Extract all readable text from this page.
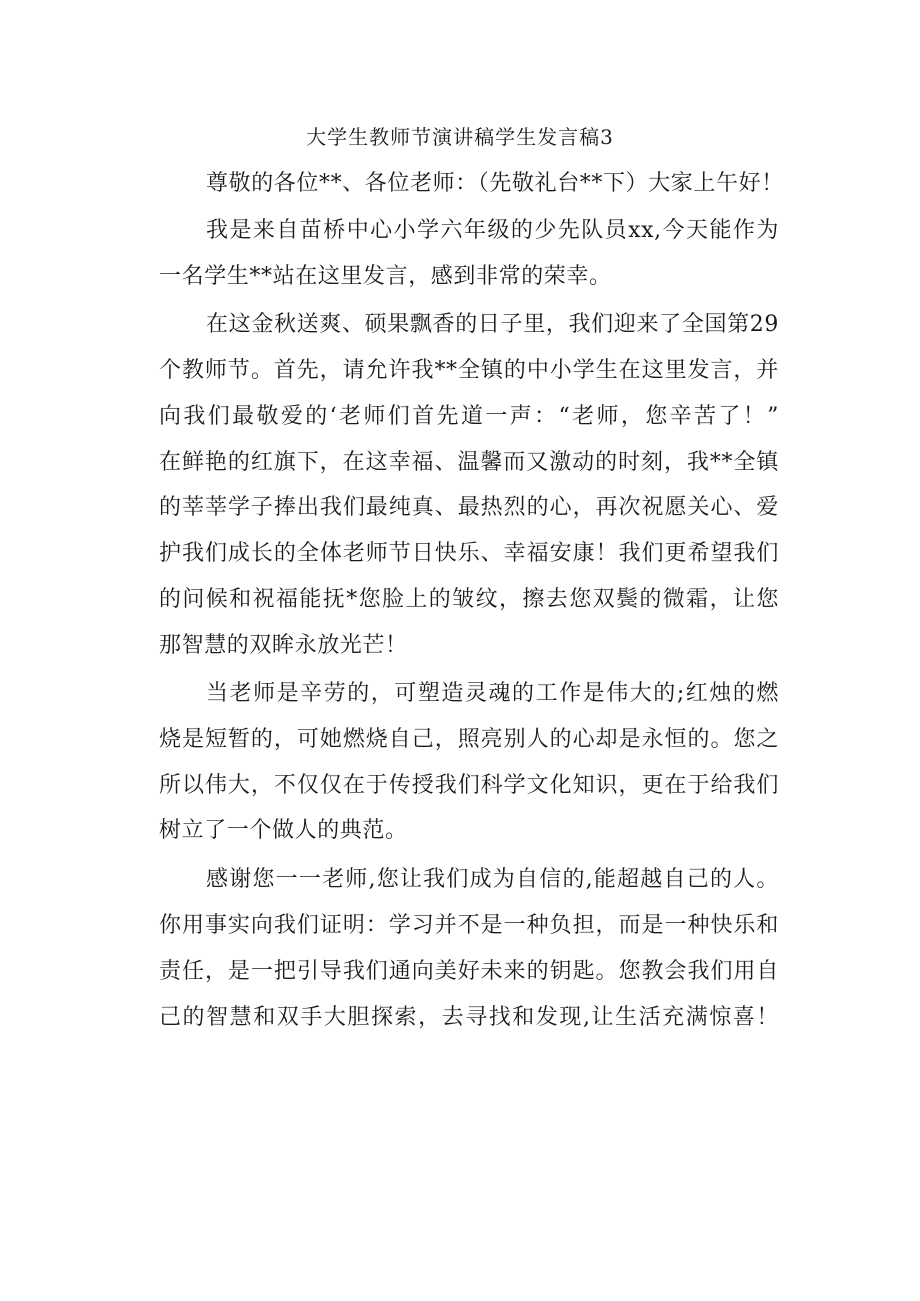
大学生教师节演讲稿学生发言稿3
尊敬的各位**、各位老师：（先敬礼台**下）大家上午好！
我是来自苗桥中心小学六年级的少先队员xx,今天能作为
一名学生**站在这里发言，感到非常的荣幸。
在这金秋送爽、硕果飘香的日子里，我们迎来了全国第29
个教师节。首先，请允许我**全镇的中小学生在这里发言，并
向我们最敬爱的‘老师们首先道一声：“老师，您辛苦了！”
在鲜艳的红旗下，在这幸福、温馨而又激动的时刻，我**全镇
的莘莘学子捧出我们最纯真、最热烈的心，再次祝愿关心、爱
护我们成长的全体老师节日快乐、幸福安康！我们更希望我们
的问候和祝福能抚*您脸上的皱纹，擦去您双鬓的微霜，让您
那智慧的双眸永放光芒！
当老师是辛劳的，可塑造灵魂的工作是伟大的;红烛的燃
烧是短暂的，可她燃烧自己，照亮别人的心却是永恒的。您之
所以伟大，不仅仅在于传授我们科学文化知识，更在于给我们
树立了一个做人的典范。
感谢您一一老师,您让我们成为自信的,能超越自己的人。
你用事实向我们证明：学习并不是一种负担，而是一种快乐和
责任，是一把引导我们通向美好未来的钥匙。您教会我们用自
己的智慧和双手大胆探索，去寻找和发现,让生活充满惊喜！
